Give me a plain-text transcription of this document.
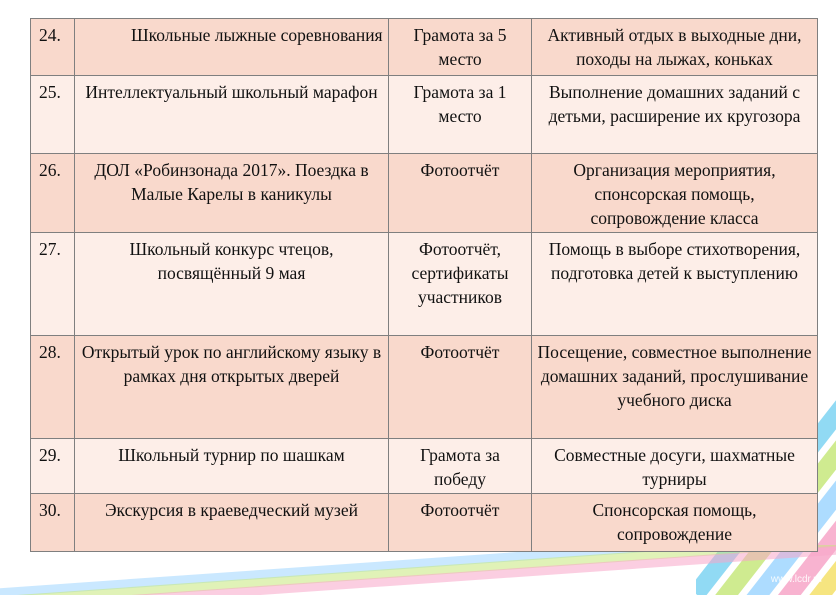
24.	Школьные лыжные соревнования	Грамота за 5 место	Активный отдых в выходные дни, походы на лыжах, коньках
25.	Интеллектуальный школьный марафон	Грамота за 1 место	Выполнение домашних заданий с детьми, расширение их кругозора
26.	ДОЛ «Робинзонада 2017». Поездка в Малые Карелы в каникулы	Фотоотчёт	Организация мероприятия, спонсорская помощь, сопровождение класса
27.	Школьный конкурс чтецов, посвящённый 9 мая	Фотоотчёт, сертификаты участников	Помощь в выборе стихотворения, подготовка детей к выступлению
28.	Открытый урок по английскому языку в рамках дня открытых дверей	Фотоотчёт	Посещение, совместное выполнение домашних заданий, прослушивание учебного диска
29.	Школьный турнир по шашкам	Грамота за победу	Совместные досуги, шахматные турниры
30.	Экскурсия в краеведческий музей	Фотоотчёт	Спонсорская помощь, сопровождение
www.lcdr.ru
